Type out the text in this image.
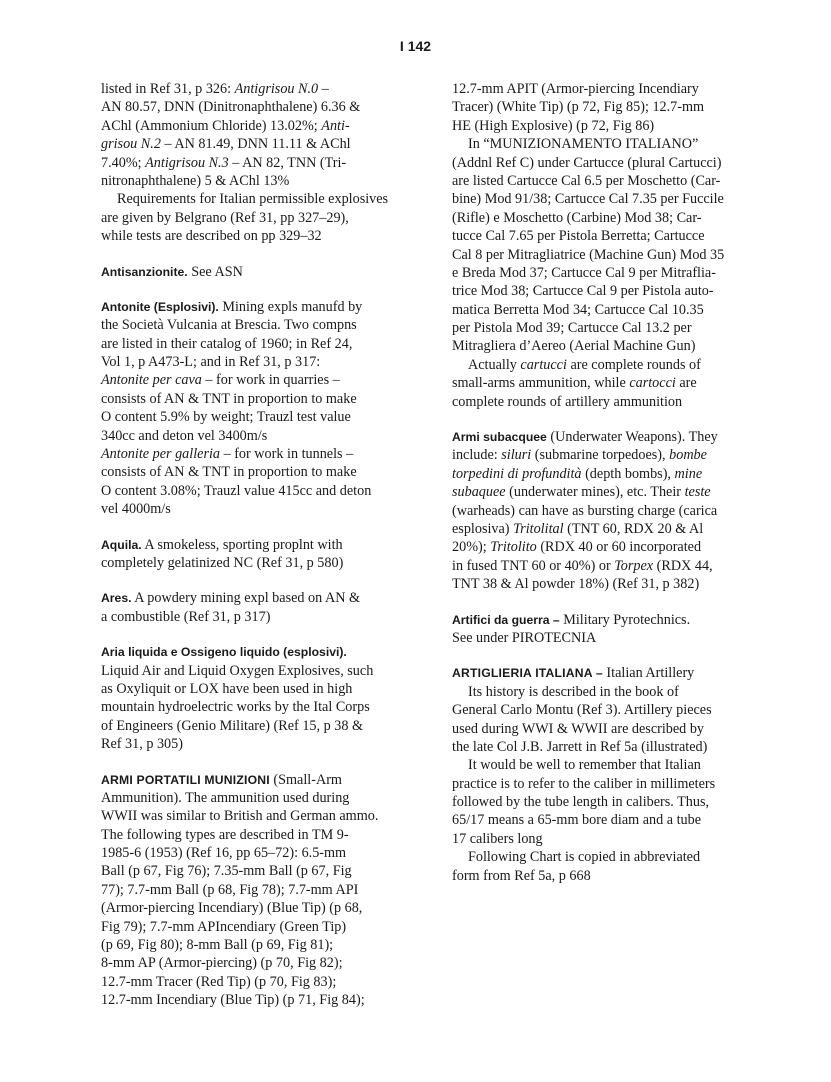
I 142
listed in Ref 31, p 326: Antigrisou N.0 –
AN 80.57, DNN (Dinitronaphthalene) 6.36 &
AChl (Ammonium Chloride) 13.02%; Anti-
grisou N.2 – AN 81.49, DNN 11.11 & AChl
7.40%; Antigrisou N.3 – AN 82, TNN (Tri-
nitronaphthalene) 5 & AChl 13%
Requirements for Italian permissible explosives
are given by Belgrano (Ref 31, pp 327–29),
while tests are described on pp 329–32
Antisanzionite. See ASN
Antonite (Esplosivi). Mining expls manufd by
the Società Vulcania at Brescia. Two compns
are listed in their catalog of 1960; in Ref 24,
Vol 1, p A473-L; and in Ref 31, p 317:
Antonite per cava – for work in quarries –
consists of AN & TNT in proportion to make
O content 5.9% by weight; Trauzl test value
340cc and deton vel 3400m/s
Antonite per galleria – for work in tunnels –
consists of AN & TNT in proportion to make
O content 3.08%; Trauzl value 415cc and deton
vel 4000m/s
Aquila. A smokeless, sporting proplnt with
completely gelatinized NC (Ref 31, p 580)
Ares. A powdery mining expl based on AN &
a combustible (Ref 31, p 317)
Aria liquida e Ossigeno liquido (esplosivi).
Liquid Air and Liquid Oxygen Explosives, such
as Oxyliquit or LOX have been used in high
mountain hydroelectric works by the Ital Corps
of Engineers (Genio Militare) (Ref 15, p 38 &
Ref 31, p 305)
ARMI PORTATILI MUNIZIONI (Small-Arm
Ammunition). The ammunition used during
WWII was similar to British and German ammo.
The following types are described in TM 9-
1985-6 (1953) (Ref 16, pp 65–72): 6.5-mm
Ball (p 67, Fig 76); 7.35-mm Ball (p 67, Fig
77); 7.7-mm Ball (p 68, Fig 78); 7.7-mm API
(Armor-piercing Incendiary) (Blue Tip) (p 68,
Fig 79); 7.7-mm APIncendiary (Green Tip)
(p 69, Fig 80); 8-mm Ball (p 69, Fig 81);
8-mm AP (Armor-piercing) (p 70, Fig 82);
12.7-mm Tracer (Red Tip) (p 70, Fig 83);
12.7-mm Incendiary (Blue Tip) (p 71, Fig 84);
12.7-mm APIT (Armor-piercing Incendiary
Tracer) (White Tip) (p 72, Fig 85); 12.7-mm
HE (High Explosive) (p 72, Fig 86)
In “MUNIZIONAMENTO ITALIANO”
(Addnl Ref C) under Cartucce (plural Cartucci)
are listed Cartucce Cal 6.5 per Moschetto (Car-
bine) Mod 91/38; Cartucce Cal 7.35 per Fuccile
(Rifle) e Moschetto (Carbine) Mod 38; Car-
tucce Cal 7.65 per Pistola Berretta; Cartucce
Cal 8 per Mitragliatrice (Machine Gun) Mod 35
e Breda Mod 37; Cartucce Cal 9 per Mitraflia-
trice Mod 38; Cartucce Cal 9 per Pistola auto-
matica Berretta Mod 34; Cartucce Cal 10.35
per Pistola Mod 39; Cartucce Cal 13.2 per
Mitragliera d’Aereo (Aerial Machine Gun)
Actually cartucci are complete rounds of
small-arms ammunition, while cartocci are
complete rounds of artillery ammunition
Armi subacquee (Underwater Weapons). They
include: siluri (submarine torpedoes), bombe
torpedini di profundità (depth bombs), mine
subaquee (underwater mines), etc. Their teste
(warheads) can have as bursting charge (carica
esplosiva) Tritolital (TNT 60, RDX 20 & Al
20%); Tritolito (RDX 40 or 60 incorporated
in fused TNT 60 or 40%) or Torpex (RDX 44,
TNT 38 & Al powder 18%) (Ref 31, p 382)
Artifici da guerra – Military Pyrotechnics.
See under PIROTECNIA
ARTIGLIERIA ITALIANA – Italian Artillery
Its history is described in the book of
General Carlo Montu (Ref 3). Artillery pieces
used during WWI & WWII are described by
the late Col J.B. Jarrett in Ref 5a (illustrated)
It would be well to remember that Italian
practice is to refer to the caliber in millimeters
followed by the tube length in calibers. Thus,
65/17 means a 65-mm bore diam and a tube
17 calibers long
Following Chart is copied in abbreviated
form from Ref 5a, p 668
